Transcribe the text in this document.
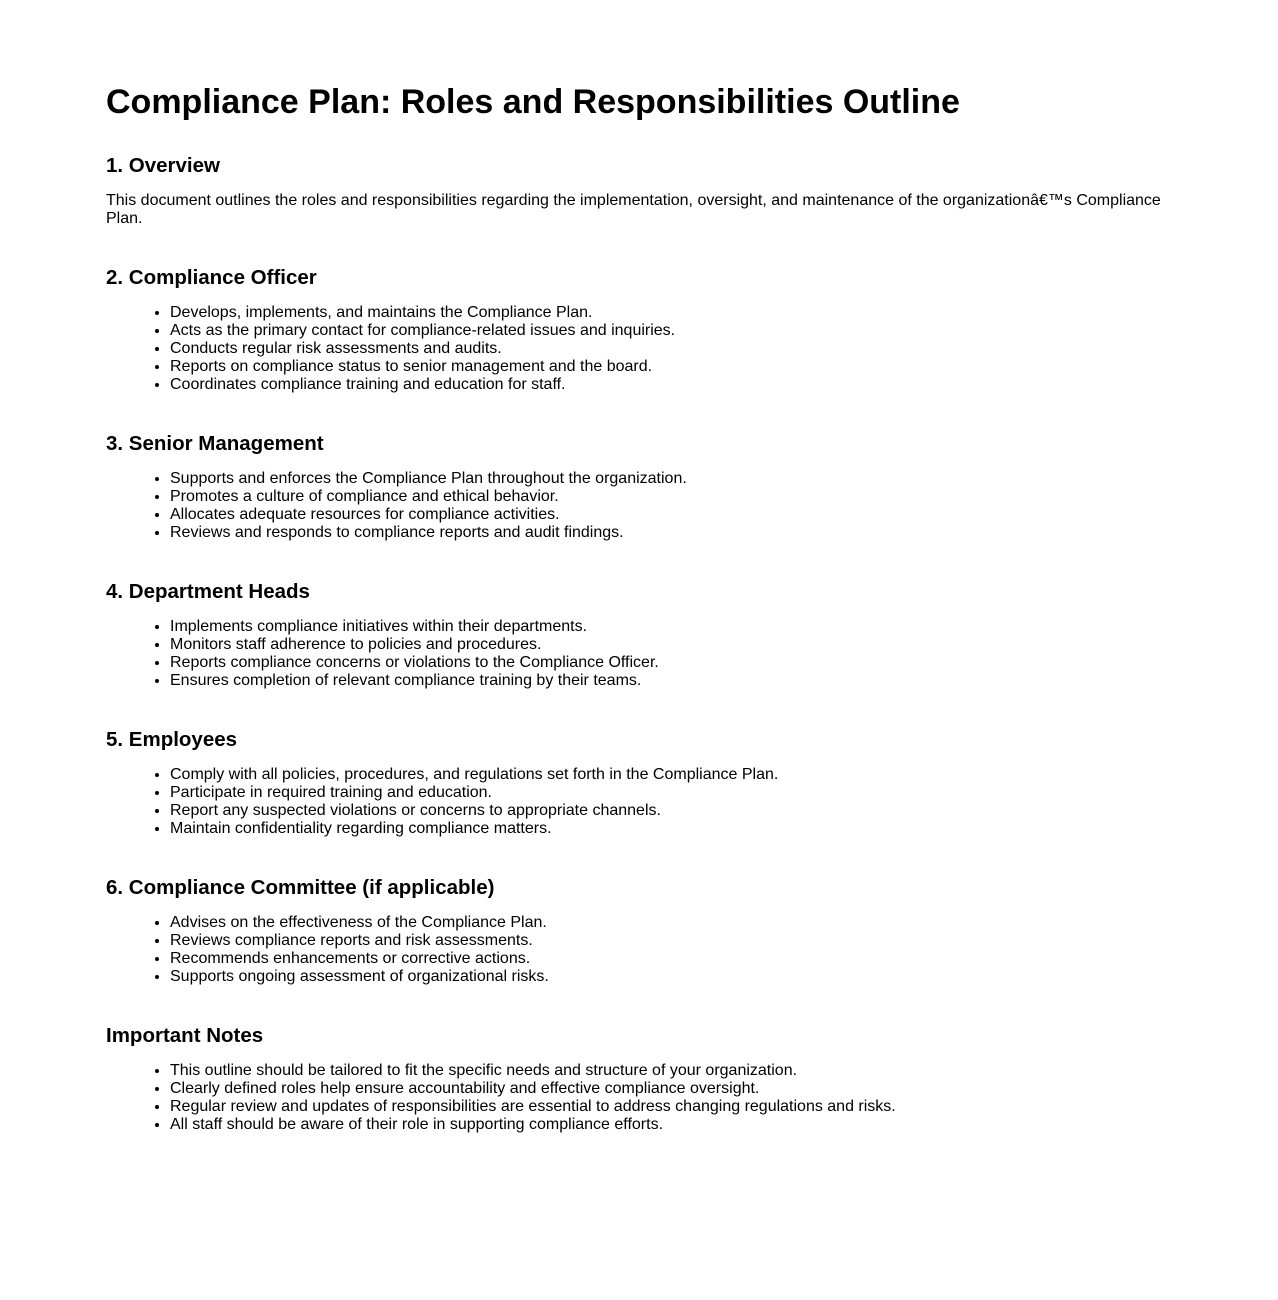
Compliance Plan: Roles and Responsibilities Outline
1. Overview

This document outlines the roles and responsibilities regarding the implementation, oversight, and maintenance of the organizationâ€™s Compliance Plan.

2. Compliance Officer
• Develops, implements, and maintains the Compliance Plan.
• Acts as the primary contact for compliance-related issues and inquiries.
• Conducts regular risk assessments and audits.
• Reports on compliance status to senior management and the board.
• Coordinates compliance training and education for staff.
3. Senior Management
• Supports and enforces the Compliance Plan throughout the organization.
• Promotes a culture of compliance and ethical behavior.
• Allocates adequate resources for compliance activities.
• Reviews and responds to compliance reports and audit findings.
4. Department Heads
• Implements compliance initiatives within their departments.
• Monitors staff adherence to policies and procedures.
• Reports compliance concerns or violations to the Compliance Officer.
• Ensures completion of relevant compliance training by their teams.
5. Employees
• Comply with all policies, procedures, and regulations set forth in the Compliance Plan.
• Participate in required training and education.
• Report any suspected violations or concerns to appropriate channels.
• Maintain confidentiality regarding compliance matters.
6. Compliance Committee (if applicable)
• Advises on the effectiveness of the Compliance Plan.
• Reviews compliance reports and risk assessments.
• Recommends enhancements or corrective actions.
• Supports ongoing assessment of organizational risks.
Important Notes
• This outline should be tailored to fit the specific needs and structure of your organization.
• Clearly defined roles help ensure accountability and effective compliance oversight.
• Regular review and updates of responsibilities are essential to address changing regulations and risks.
• All staff should be aware of their role in supporting compliance efforts.
